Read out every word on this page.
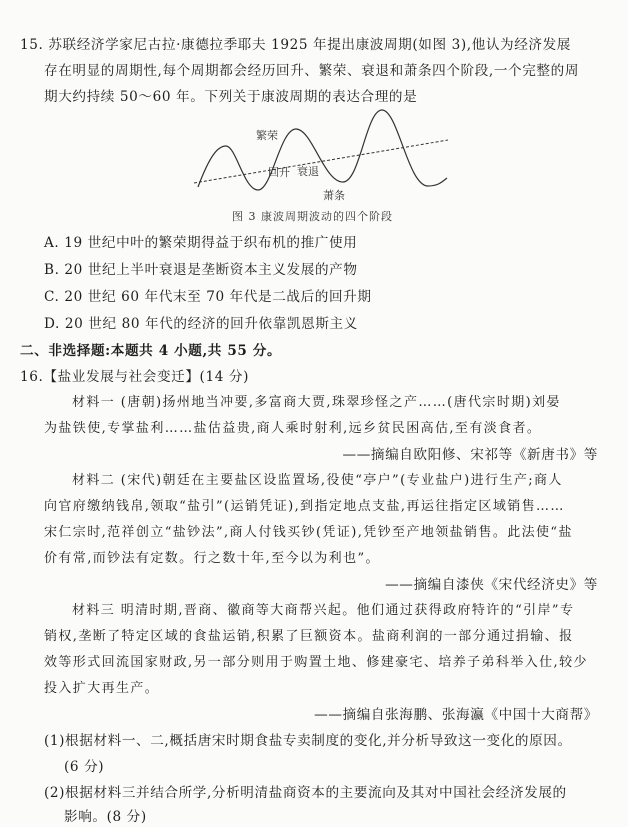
15. 苏联经济学家尼古拉·康德拉季耶夫 1925 年提出康波周期(如图 3),他认为经济发展
存在明显的周期性,每个周期都会经历回升、繁荣、衰退和萧条四个阶段,一个完整的周
期大约持续 50～60 年。下列关于康波周期的表达合理的是
繁荣
回升 衰退
萧条
图 3 康波周期波动的四个阶段
A. 19 世纪中叶的繁荣期得益于织布机的推广使用
B. 20 世纪上半叶衰退是垄断资本主义发展的产物
C. 20 世纪 60 年代末至 70 年代是二战后的回升期
D. 20 世纪 80 年代的经济的回升依靠凯恩斯主义
二、非选择题:本题共 4 小题,共 55 分。
16.【盐业发展与社会变迁】(14 分)
材料一 (唐朝)扬州地当冲要,多富商大贾,珠翠珍怪之产……(唐代宗时期)刘晏
为盐铁使,专掌盐利……盐估益贵,商人乘时射利,远乡贫民困高估,至有淡食者。
——摘编自欧阳修、宋祁等《新唐书》等
材料二 (宋代)朝廷在主要盐区设监置场,役使“亭户”(专业盐户)进行生产;商人
向官府缴纳钱帛,领取“盐引”(运销凭证),到指定地点支盐,再运往指定区域销售……
宋仁宗时,范祥创立“盐钞法”,商人付钱买钞(凭证),凭钞至产地领盐销售。此法使“盐
价有常,而钞法有定数。行之数十年,至今以为利也”。
——摘编自漆侠《宋代经济史》等
材料三 明清时期,晋商、徽商等大商帮兴起。他们通过获得政府特许的“引岸”专
销权,垄断了特定区域的食盐运销,积累了巨额资本。盐商利润的一部分通过捐输、报
效等形式回流国家财政,另一部分则用于购置土地、修建豪宅、培养子弟科举入仕,较少
投入扩大再生产。
——摘编自张海鹏、张海瀛《中国十大商帮》
(1)根据材料一、二,概括唐宋时期食盐专卖制度的变化,并分析导致这一变化的原因。
(6 分)
(2)根据材料三并结合所学,分析明清盐商资本的主要流向及其对中国社会经济发展的
影响。(8 分)
